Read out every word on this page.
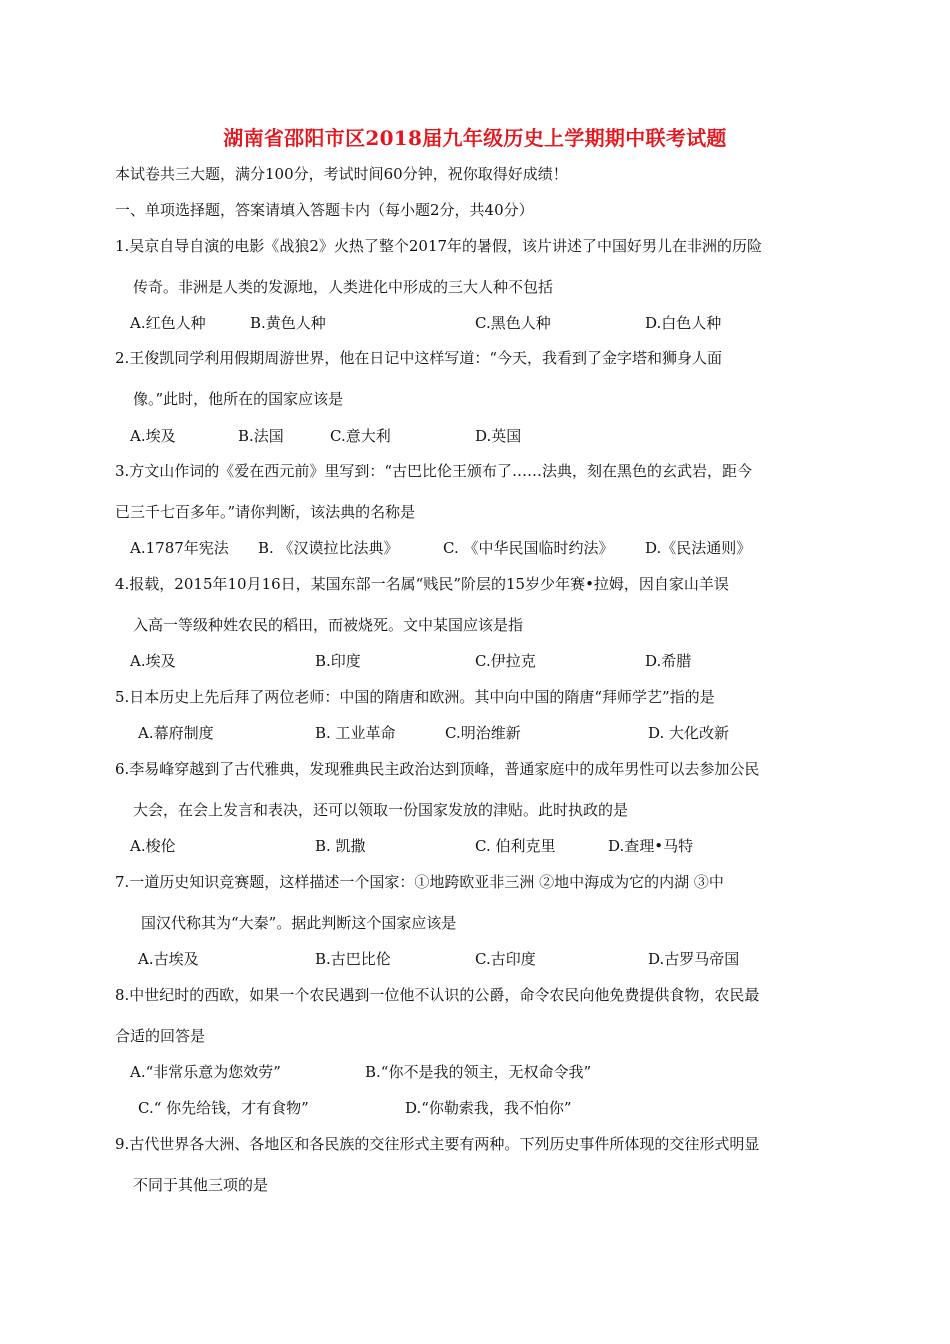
湖南省邵阳市区2018届九年级历史上学期期中联考试题
本试卷共三大题，满分100分，考试时间60分钟，祝你取得好成绩！
一、单项选择题，答案请填入答题卡内（每小题2分，共40分）
1.吴京自导自演的电影《战狼2》火热了整个2017年的暑假，该片讲述了中国好男儿在非洲的历险
传奇。非洲是人类的发源地，人类进化中形成的三大人种不包括
A.红色人种	B.黄色人种	C.黑色人种	D.白色人种
2.王俊凯同学利用假期周游世界，他在日记中这样写道：“今天，我看到了金字塔和狮身人面
像。”此时，他所在的国家应该是
A.埃及	B.法国	C.意大利	D.英国
3.方文山作词的《爱在西元前》里写到：“古巴比伦王颁布了……法典，刻在黑色的玄武岩，距今
已三千七百多年。”请你判断，该法典的名称是
A.1787年宪法 B. 《汉谟拉比法典》	C. 《中华民国临时约法》 D.《民法通则》
4.报载，2015年10月16日，某国东部一名属“贱民”阶层的15岁少年赛•拉姆，因自家山羊误
入高一等级种姓农民的稻田，而被烧死。文中某国应该是指
A.埃及	B.印度	C.伊拉克	D.希腊
5.日本历史上先后拜了两位老师：中国的隋唐和欧洲。其中向中国的隋唐“拜师学艺”指的是
A.幕府制度	B. 工业革命	C.明治维新	D. 大化改新
6.李易峰穿越到了古代雅典，发现雅典民主政治达到顶峰，普通家庭中的成年男性可以去参加公民
大会，在会上发言和表决，还可以领取一份国家发放的津贴。此时执政的是
A.梭伦	B. 凯撒	C. 伯利克里	D.查理•马特
7.一道历史知识竞赛题，这样描述一个国家：①地跨欧亚非三洲 ②地中海成为它的内湖 ③中
国汉代称其为“大秦”。据此判断这个国家应该是
A.古埃及	B.古巴比伦	C.古印度	D.古罗马帝国
8.中世纪时的西欧，如果一个农民遇到一位他不认识的公爵，命令农民向他免费提供食物，农民最
合适的回答是
A.“非常乐意为您效劳”	B.“你不是我的领主，无权命令我”
C.“ 你先给钱，才有食物”	D.“你勒索我，我不怕你”
9.古代世界各大洲、各地区和各民族的交往形式主要有两种。下列历史事件所体现的交往形式明显
不同于其他三项的是
